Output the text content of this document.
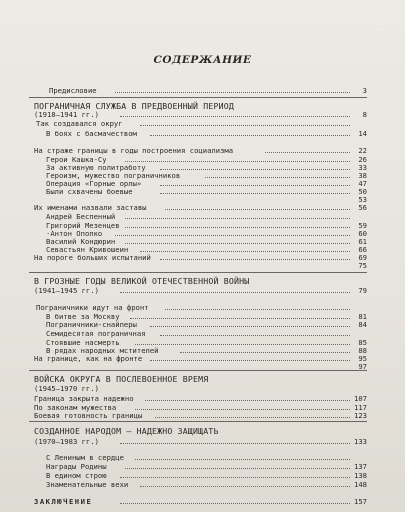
СОДЕРЖАНИЕ
Предисловие	3
ПОГРАНИЧНАЯ СЛУЖБА В ПРЕДВОЕННЫЙ ПЕРИОД
(1918—1941 гг.)	8
Так создавался округ
В боях с басмачеством	14
На страже границы в годы построения социализма	22
Герои Кашка-Су	26
За активную политработу	33
Героизм, мужество пограничников	38
Операция «Горные орлы»	47
Были схвачены боевые	50
53
Их именами назвали заставы	56
Андрей Беспенный
Григорий Мезенцев	59
·Антон Опопко	60
Василий Кондюрин	61
Севастьян Кривошеин	66
На пороге больших испытаний	69
75
В ГРОЗНЫЕ ГОДЫ ВЕЛИКОЙ ОТЕЧЕСТВЕННОЙ ВОЙНЫ
(1941—1945 гг.)	79
Пограничники идут на фронт
В битве за Москву	81
Пограничники-снайперы	84
Семидесятая пограничная
Стоявшие насмерть	85
В рядах народных мстителей	88
На границе, как на фронте	95
97
ВОЙСКА ОКРУГА В ПОСЛЕВОЕННОЕ ВРЕМЯ
(1945—1970 гг.)
Граница закрыта надежно	107
По законам мужества	117
Боевая готовность границы	123
СОЗДАННОЕ НАРОДОМ — НАДЕЖНО ЗАЩИЩАТЬ
(1970—1983 гг.)	133
С Лениным в сердце
Награды Родины	137
В едином строю	138
Знаменательные вехи	148
ЗАКЛЮЧЕНИЕ	157
